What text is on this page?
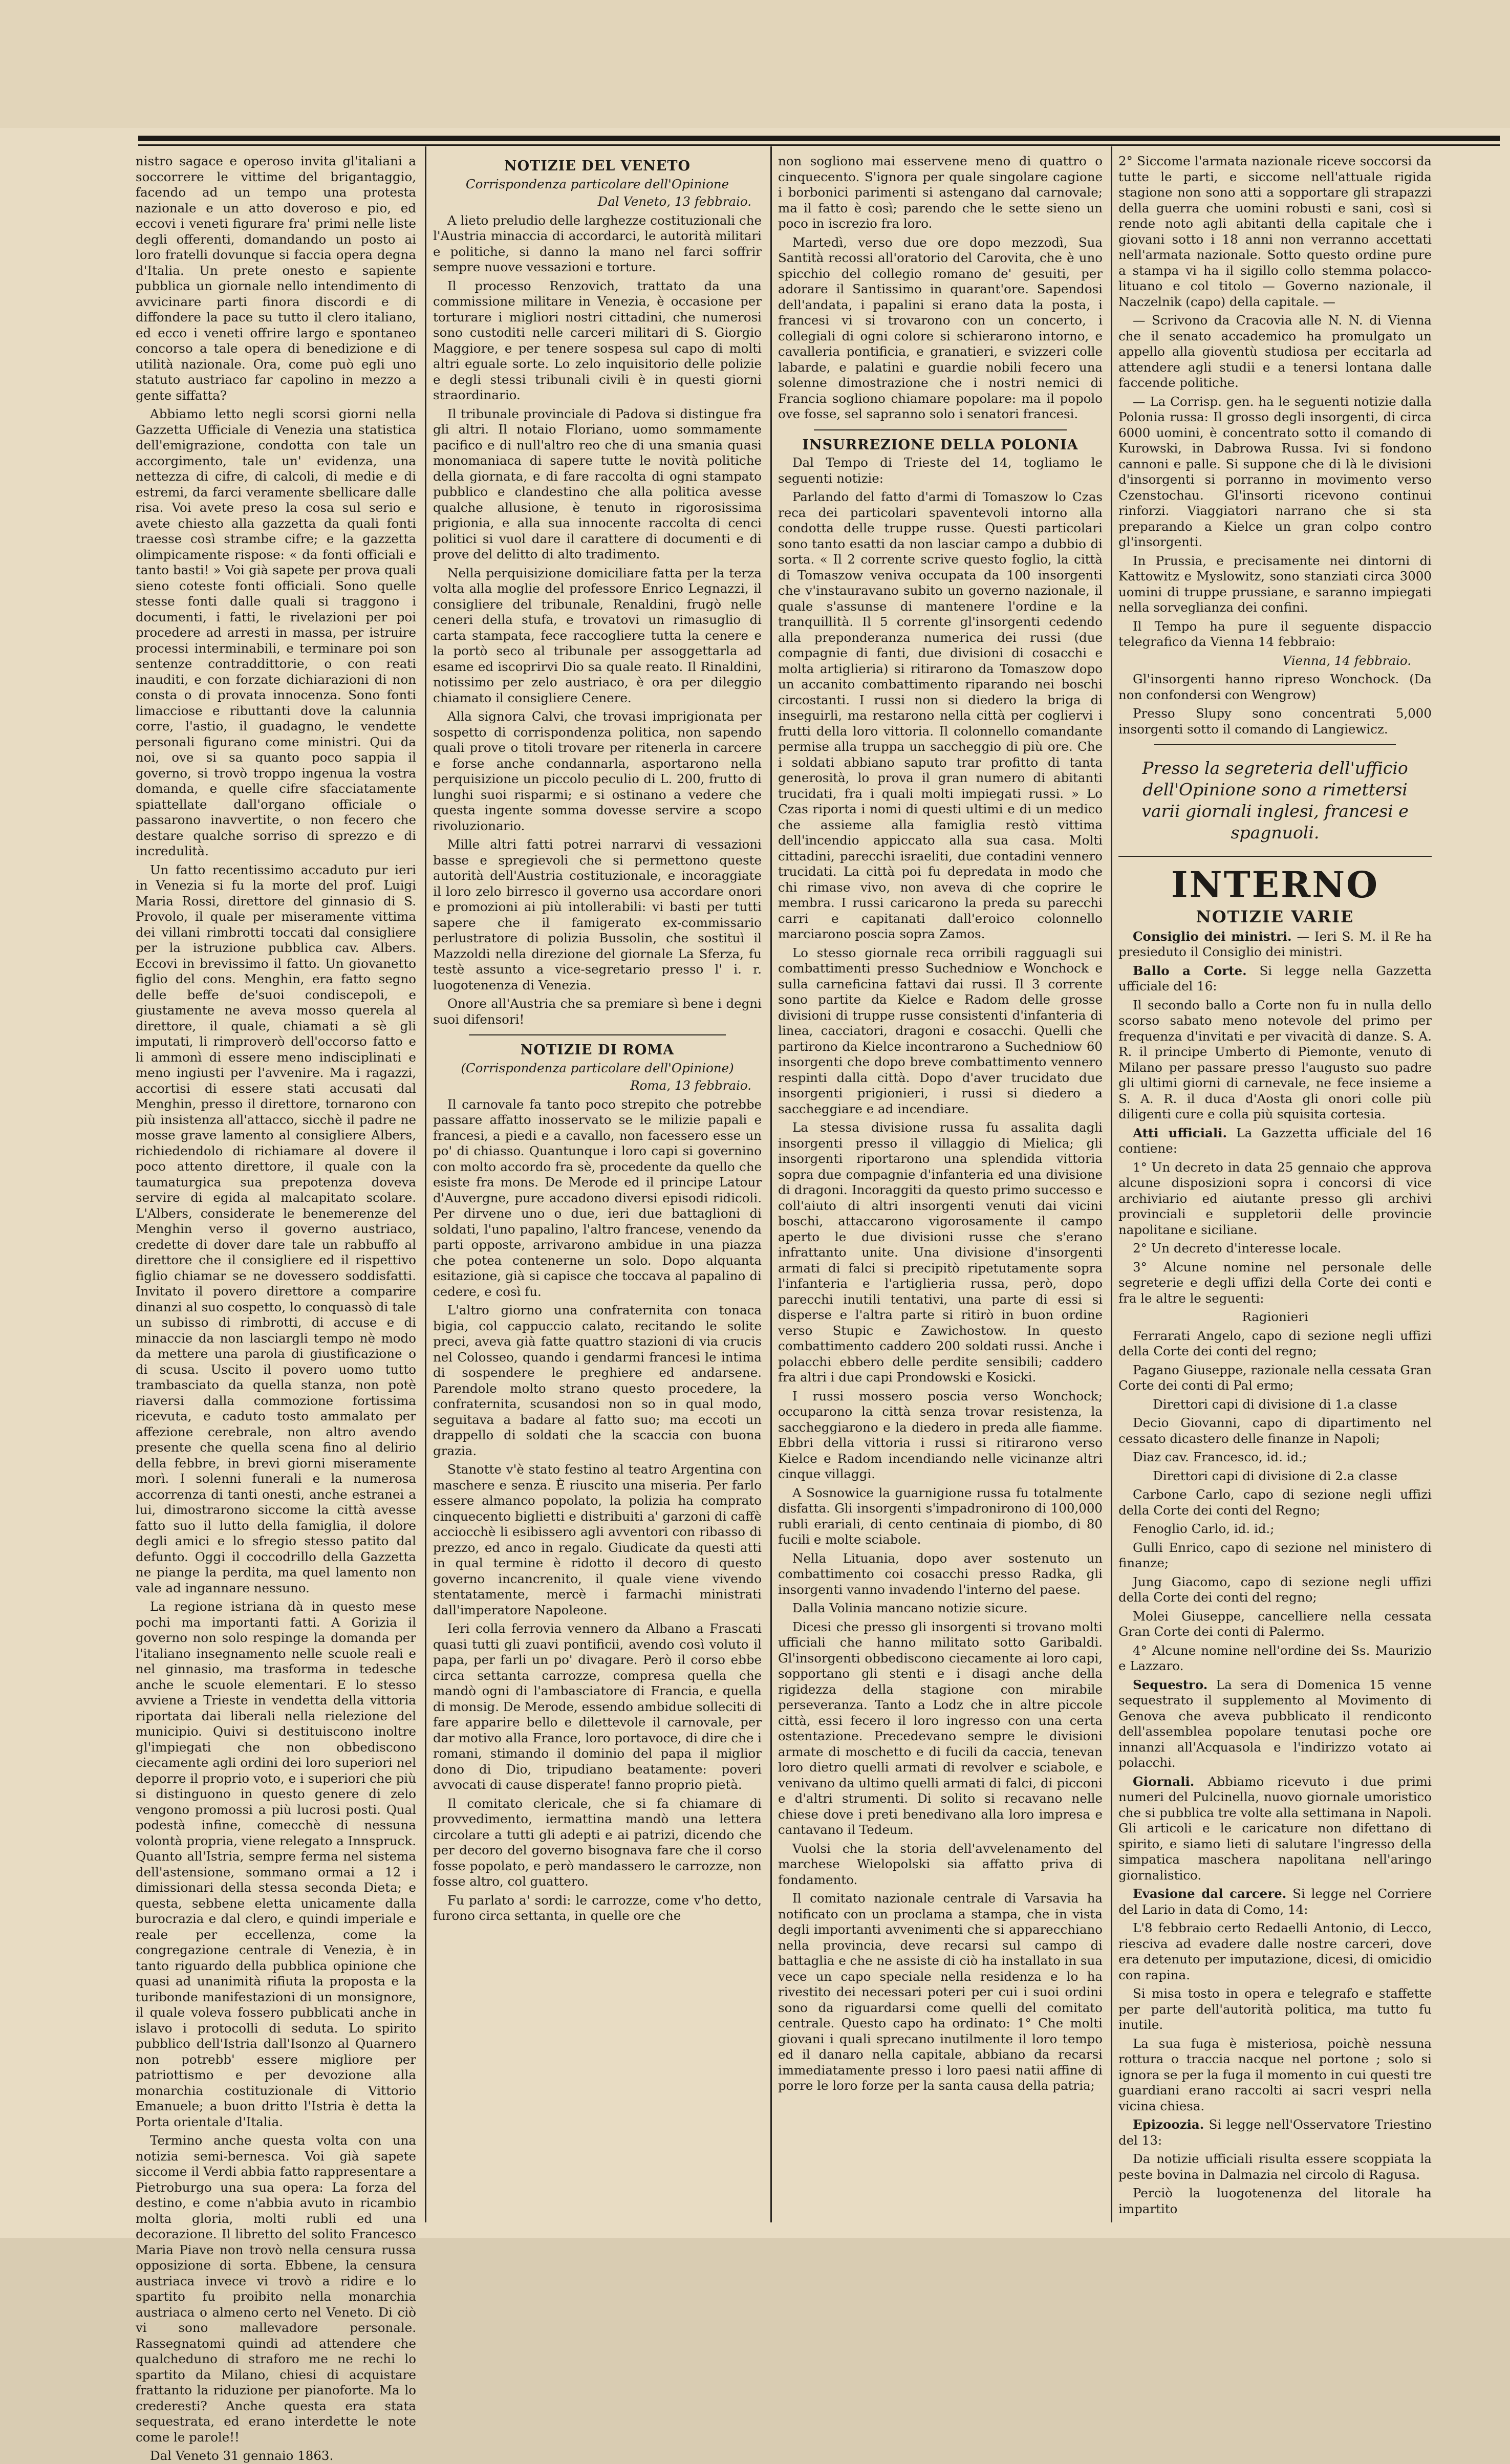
nistro sagace e operoso invita gl'italiani a soccorrere le vittime del brigantaggio, facendo ad un tempo una protesta nazionale e un atto doveroso e pio, ed eccovi i veneti figurare fra' primi nelle liste degli offerenti, domandando un posto ai loro fratelli dovunque si faccia opera degna d'Italia. Un prete onesto e sapiente pubblica un giornale nello intendimento di avvicinare parti finora discordi e di diffondere la pace su tutto il clero italiano, ed ecco i veneti offrire largo e spontaneo concorso a tale opera di benedizione e di utilità nazionale. Ora, come può egli uno statuto austriaco far capolino in mezzo a gente siffatta?

Abbiamo letto negli scorsi giorni nella Gazzetta Ufficiale di Venezia una statistica dell'emigrazione, condotta con tale un accorgimento, tale un' evidenza, una nettezza di cifre, di calcoli, di medie e di estremi, da farci veramente sbellicare dalle risa. Voi avete preso la cosa sul serio e avete chiesto alla gazzetta da quali fonti traesse così strambe cifre; e la gazzetta olimpicamente rispose: « da fonti officiali e tanto basti! » Voi già sapete per prova quali sieno coteste fonti officiali. Sono quelle stesse fonti dalle quali si traggono i documenti, i fatti, le rivelazioni per poi procedere ad arresti in massa, per istruire processi interminabili, e terminare poi son sentenze contraddittorie, o con reati inauditi, e con forzate dichiarazioni di non consta o di provata innocenza. Sono fonti limacciose e ributtanti dove la calunnia corre, l'astio, il guadagno, le vendette personali figurano come ministri. Qui da noi, ove si sa quanto poco sappia il governo, si trovò troppo ingenua la vostra domanda, e quelle cifre sfacciatamente spiattellate dall'organo officiale o passarono inavvertite, o non fecero che destare qualche sorriso di sprezzo e di incredulità.

Un fatto recentissimo accaduto pur ieri in Venezia si fu la morte del prof. Luigi Maria Rossi, direttore del ginnasio di S. Provolo, il quale per miseramente vittima dei villani rimbrotti toccati dal consigliere per la istruzione pubblica cav. Albers. Eccovi in brevissimo il fatto. Un giovanetto figlio del cons. Menghin, era fatto segno delle beffe de'suoi condiscepoli, e giustamente ne aveva mosso querela al direttore, il quale, chiamati a sè gli imputati, li rimproverò dell'occorso fatto e li ammonì di essere meno indisciplinati e meno ingiusti per l'avvenire. Ma i ragazzi, accortisi di essere stati accusati dal Menghin, presso il direttore, tornarono con più insistenza all'attacco, sicchè il padre ne mosse grave lamento al consigliere Albers, richiedendolo di richiamare al dovere il poco attento direttore, il quale con la taumaturgica sua prepotenza doveva servire di egida al malcapitato scolare. L'Albers, considerate le benemerenze del Menghin verso il governo austriaco, credette di dover dare tale un rabbuffo al direttore che il consigliere ed il rispettivo figlio chiamar se ne dovessero soddisfatti. Invitato il povero direttore a comparire dinanzi al suo cospetto, lo conquassò di tale un subisso di rimbrotti, di accuse e di minaccie da non lasciargli tempo nè modo da mettere una parola di giustificazione o di scusa. Uscito il povero uomo tutto trambasciato da quella stanza, non potè riaversi dalla commozione fortissima ricevuta, e caduto tosto ammalato per affezione cerebrale, non altro avendo presente che quella scena fino al delirio della febbre, in brevi giorni miseramente morì. I solenni funerali e la numerosa accorrenza di tanti onesti, anche estranei a lui, dimostrarono siccome la città avesse fatto suo il lutto della famiglia, il dolore degli amici e lo sfregio stesso patito dal defunto. Oggi il coccodrillo della Gazzetta ne piange la perdita, ma quel lamento non vale ad ingannare nessuno.

La regione istriana dà in questo mese pochi ma importanti fatti. A Gorizia il governo non solo respinge la domanda per l'italiano insegnamento nelle scuole reali e nel ginnasio, ma trasforma in tedesche anche le scuole elementari. E lo stesso avviene a Trieste in vendetta della vittoria riportata dai liberali nella rielezione del municipio. Quivi si destituiscono inoltre gl'impiegati che non obbediscono ciecamente agli ordini dei loro superiori nel deporre il proprio voto, e i superiori che più si distinguono in questo genere di zelo vengono promossi a più lucrosi posti. Qual podestà infine, comecchè di nessuna volontà propria, viene relegato a Innspruck. Quanto all'Istria, sempre ferma nel sistema dell'astensione, sommano ormai a 12 i dimissionari della stessa seconda Dieta; e questa, sebbene eletta unicamente dalla burocrazia e dal clero, e quindi imperiale e reale per eccellenza, come la congregazione centrale di Venezia, è in tanto riguardo della pubblica opinione che quasi ad unanimità rifiuta la proposta e la turibonde manifestazioni di un monsignore, il quale voleva fossero pubblicati anche in islavo i protocolli di seduta. Lo spirito pubblico dell'Istria dall'Isonzo al Quarnero non potrebb' essere migliore per patriottismo e per devozione alla monarchia costituzionale di Vittorio Emanuele; a buon dritto l'Istria è detta la Porta orientale d'Italia.

Termino anche questa volta con una notizia semi-bernesca. Voi già sapete siccome il Verdi abbia fatto rappresentare a Pietroburgo una sua opera: La forza del destino, e come n'abbia avuto in ricambio molta gloria, molti rubli ed una decorazione. Il libretto del solito Francesco Maria Piave non trovò nella censura russa opposizione di sorta. Ebbene, la censura austriaca invece vi trovò a ridire e lo spartito fu proibito nella monarchia austriaca o almeno certo nel Veneto. Di ciò vi sono mallevadore personale. Rassegnatomi quindi ad attendere che qualcheduno di straforo me ne rechi lo spartito da Milano, chiesi di acquistare frattanto la riduzione per pianoforte. Ma lo crederesti? Anche questa era stata sequestrata, ed erano interdette le note come le parole!!

Dal Veneto 31 gennaio 1863.

NOTIZIE DEL VENETO

Corrispondenza particolare dell'Opinione

Dal Veneto, 13 febbraio.

A lieto preludio delle larghezze costituzionali che l'Austria minaccia di accordarci, le autorità militari e politiche, si danno la mano nel farci soffrir sempre nuove vessazioni e torture.

Il processo Renzovich, trattato da una commissione militare in Venezia, è occasione per torturare i migliori nostri cittadini, che numerosi sono custoditi nelle carceri militari di S. Giorgio Maggiore, e per tenere sospesa sul capo di molti altri eguale sorte. Lo zelo inquisitorio delle polizie e degli stessi tribunali civili è in questi giorni straordinario.

Il tribunale provinciale di Padova si distingue fra gli altri. Il notaio Floriano, uomo sommamente pacifico e di null'altro reo che di una smania quasi monomaniaca di sapere tutte le novità politiche della giornata, e di fare raccolta di ogni stampato pubblico e clandestino che alla politica avesse qualche allusione, è tenuto in rigorosissima prigionia, e alla sua innocente raccolta di cenci politici si vuol dare il carattere di documenti e di prove del delitto di alto tradimento.

Nella perquisizione domiciliare fatta per la terza volta alla moglie del professore Enrico Legnazzi, il consigliere del tribunale, Renaldini, frugò nelle ceneri della stufa, e trovatovi un rimasuglio di carta stampata, fece raccogliere tutta la cenere e la portò seco al tribunale per assoggettarla ad esame ed iscoprirvi Dio sa quale reato. Il Rinaldini, notissimo per zelo austriaco, è ora per dileggio chiamato il consigliere Cenere.

Alla signora Calvi, che trovasi imprigionata per sospetto di corrispondenza politica, non sapendo quali prove o titoli trovare per ritenerla in carcere e forse anche condannarla, asportarono nella perquisizione un piccolo peculio di L. 200, frutto di lunghi suoi risparmi; e si ostinano a vedere che questa ingente somma dovesse servire a scopo rivoluzionario.

Mille altri fatti potrei narrarvi di vessazioni basse e spregievoli che si permettono queste autorità dell'Austria costituzionale, e incoraggiate il loro zelo birresco il governo usa accordare onori e promozioni ai più intollerabili: vi basti per tutti sapere che il famigerato ex-commissario perlustratore di polizia Bussolin, che sostituì il Mazzoldi nella direzione del giornale La Sferza, fu testè assunto a vice-segretario presso l' i. r. luogotenenza di Venezia.

Onore all'Austria che sa premiare sì bene i degni suoi difensori!

NOTIZIE DI ROMA

(Corrispondenza particolare dell'Opinione)

Roma, 13 febbraio.

Il carnovale fa tanto poco strepito che potrebbe passare affatto inosservato se le milizie papali e francesi, a piedi e a cavallo, non facessero esse un po' di chiasso. Quantunque i loro capi si governino con molto accordo fra sè, procedente da quello che esiste fra mons. De Merode ed il principe Latour d'Auvergne, pure accadono diversi episodi ridicoli. Per dirvene uno o due, ieri due battaglioni di soldati, l'uno papalino, l'altro francese, venendo da parti opposte, arrivarono ambidue in una piazza che potea contenerne un solo. Dopo alquanta esitazione, già si capisce che toccava al papalino di cedere, e così fu.

L'altro giorno una confraternita con tonaca bigia, col cappuccio calato, recitando le solite preci, aveva già fatte quattro stazioni di via crucis nel Colosseo, quando i gendarmi francesi le intima di sospendere le preghiere ed andarsene. Parendole molto strano questo procedere, la confraternita, scusandosi non so in qual modo, seguitava a badare al fatto suo; ma eccoti un drappello di soldati che la scaccia con buona grazia.

Stanotte v'è stato festino al teatro Argentina con maschere e senza. È riuscito una miseria. Per farlo essere almanco popolato, la polizia ha comprato cinquecento biglietti e distribuiti a' garzoni di caffè acciocchè li esibissero agli avventori con ribasso di prezzo, ed anco in regalo. Giudicate da questi atti in qual termine è ridotto il decoro di questo governo incancrenito, il quale viene vivendo stentatamente, mercè i farmachi ministrati dall'imperatore Napoleone.

Ieri colla ferrovia vennero da Albano a Frascati quasi tutti gli zuavi pontificii, avendo così voluto il papa, per farli un po' divagare. Però il corso ebbe circa settanta carrozze, compresa quella che mandò ogni di l'ambasciatore di Francia, e quella di monsig. De Merode, essendo ambidue solleciti di fare apparire bello e dilettevole il carnovale, per dar motivo alla France, loro portavoce, di dire che i romani, stimando il dominio del papa il miglior dono di Dio, tripudiano beatamente: poveri avvocati di cause disperate! fanno proprio pietà.

Il comitato clericale, che si fa chiamare di provvedimento, iermattina mandò una lettera circolare a tutti gli adepti e ai patrizi, dicendo che per decoro del governo bisognava fare che il corso fosse popolato, e però mandassero le carrozze, non fosse altro, col guattero.

Fu parlato a' sordi: le carrozze, come v'ho detto, furono circa settanta, in quelle ore che

non sogliono mai esservene meno di quattro o cinquecento. S'ignora per quale singolare cagione i borbonici parimenti si astengano dal carnovale; ma il fatto è così; parendo che le sette sieno un poco in iscrezio fra loro.

Martedì, verso due ore dopo mezzodì, Sua Santità recossi all'oratorio del Carovita, che è uno spicchio del collegio romano de' gesuiti, per adorare il Santissimo in quarant'ore. Sapendosi dell'andata, i papalini si erano data la posta, i francesi vi si trovarono con un concerto, i collegiali di ogni colore si schierarono intorno, e cavalleria pontificia, e granatieri, e svizzeri colle labarde, e palatini e guardie nobili fecero una solenne dimostrazione che i nostri nemici di Francia sogliono chiamare popolare: ma il popolo ove fosse, sel sapranno solo i senatori francesi.

INSURREZIONE DELLA POLONIA

Dal Tempo di Trieste del 14, togliamo le seguenti notizie:

Parlando del fatto d'armi di Tomaszow lo Czas reca dei particolari spaventevoli intorno alla condotta delle truppe russe. Questi particolari sono tanto esatti da non lasciar campo a dubbio di sorta. « Il 2 corrente scrive questo foglio, la città di Tomaszow veniva occupata da 100 insorgenti che v'instauravano subito un governo nazionale, il quale s'assunse di mantenere l'ordine e la tranquillità. Il 5 corrente gl'insorgenti cedendo alla preponderanza numerica dei russi (due compagnie di fanti, due divisioni di cosacchi e molta artiglieria) si ritirarono da Tomaszow dopo un accanito combattimento riparando nei boschi circostanti. I russi non si diedero la briga di inseguirli, ma restarono nella città per cogliervi i frutti della loro vittoria. Il colonnello comandante permise alla truppa un saccheggio di più ore. Che i soldati abbiano saputo trar profitto di tanta generosità, lo prova il gran numero di abitanti trucidati, fra i quali molti impiegati russi. » Lo Czas riporta i nomi di questi ultimi e di un medico che assieme alla famiglia restò vittima dell'incendio appiccato alla sua casa. Molti cittadini, parecchi israeliti, due contadini vennero trucidati. La città poi fu depredata in modo che chi rimase vivo, non aveva di che coprire le membra. I russi caricarono la preda su parecchi carri e capitanati dall'eroico colonnello marciarono poscia sopra Zamos.

Lo stesso giornale reca orribili ragguagli sui combattimenti presso Suchedniow e Wonchock e sulla carneficina fattavi dai russi. Il 3 corrente sono partite da Kielce e Radom delle grosse divisioni di truppe russe consistenti d'infanteria di linea, cacciatori, dragoni e cosacchi. Quelli che partirono da Kielce incontrarono a Suchedniow 60 insorgenti che dopo breve combattimento vennero respinti dalla città. Dopo d'aver trucidato due insorgenti prigionieri, i russi si diedero a saccheggiare e ad incendiare.

La stessa divisione russa fu assalita dagli insorgenti presso il villaggio di Mielica; gli insorgenti riportarono una splendida vittoria sopra due compagnie d'infanteria ed una divisione di dragoni. Incoraggiti da questo primo successo e coll'aiuto di altri insorgenti venuti dai vicini boschi, attaccarono vigorosamente il campo aperto le due divisioni russe che s'erano infrattanto unite. Una divisione d'insorgenti armati di falci si precipitò ripetutamente sopra l'infanteria e l'artiglieria russa, però, dopo parecchi inutili tentativi, una parte di essi si disperse e l'altra parte si ritirò in buon ordine verso Stupic e Zawichostow. In questo combattimento caddero 200 soldati russi. Anche i polacchi ebbero delle perdite sensibili; caddero fra altri i due capi Prondowski e Kosicki.

I russi mossero poscia verso Wonchock; occuparono la città senza trovar resistenza, la saccheggiarono e la diedero in preda alle fiamme. Ebbri della vittoria i russi si ritirarono verso Kielce e Radom incendiando nelle vicinanze altri cinque villaggi.

A Sosnowice la guarnigione russa fu totalmente disfatta. Gli insorgenti s'impadronirono di 100,000 rubli erariali, di cento centinaia di piombo, di 80 fucili e molte sciabole.

Nella Lituania, dopo aver sostenuto un combattimento coi cosacchi presso Radka, gli insorgenti vanno invadendo l'interno del paese.

Dalla Volinia mancano notizie sicure.

Dicesi che presso gli insorgenti si trovano molti ufficiali che hanno militato sotto Garibaldi. Gl'insorgenti obbediscono ciecamente ai loro capi, sopportano gli stenti e i disagi anche della rigidezza della stagione con mirabile perseveranza. Tanto a Lodz che in altre piccole città, essi fecero il loro ingresso con una certa ostentazione. Precedevano sempre le divisioni armate di moschetto e di fucili da caccia, tenevan loro dietro quelli armati di revolver e sciabole, e venivano da ultimo quelli armati di falci, di picconi e d'altri strumenti. Di solito si recavano nelle chiese dove i preti benedivano alla loro impresa e cantavano il Tedeum.

Vuolsi che la storia dell'avvelenamento del marchese Wielopolski sia affatto priva di fondamento.

Il comitato nazionale centrale di Varsavia ha notificato con un proclama a stampa, che in vista degli importanti avvenimenti che si apparecchiano nella provincia, deve recarsi sul campo di battaglia e che ne assiste di ciò ha installato in sua vece un capo speciale nella residenza e lo ha rivestito dei necessari poteri per cui i suoi ordini sono da riguardarsi come quelli del comitato centrale. Questo capo ha ordinato: 1° Che molti giovani i quali sprecano inutilmente il loro tempo ed il danaro nella capitale, abbiano da recarsi immediatamente presso i loro paesi natii affine di porre le loro forze per la santa causa della patria;

2° Siccome l'armata nazionale riceve soccorsi da tutte le parti, e siccome nell'attuale rigida stagione non sono atti a sopportare gli strapazzi della guerra che uomini robusti e sani, così si rende noto agli abitanti della capitale che i giovani sotto i 18 anni non verranno accettati nell'armata nazionale. Sotto questo ordine pure a stampa vi ha il sigillo collo stemma polacco-lituano e col titolo — Governo nazionale, il Naczelnik (capo) della capitale. —

— Scrivono da Cracovia alle N. N. di Vienna che il senato accademico ha promulgato un appello alla gioventù studiosa per eccitarla ad attendere agli studii e a tenersi lontana dalle faccende politiche.

— La Corrisp. gen. ha le seguenti notizie dalla Polonia russa: Il grosso degli insorgenti, di circa 6000 uomini, è concentrato sotto il comando di Kurowski, in Dabrowa Russa. Ivi si fondono cannoni e palle. Si suppone che di là le divisioni d'insorgenti si porranno in movimento verso Czenstochau. Gl'insorti ricevono continui rinforzi. Viaggiatori narrano che si sta preparando a Kielce un gran colpo contro gl'insorgenti.

In Prussia, e precisamente nei dintorni di Kattowitz e Myslowitz, sono stanziati circa 3000 uomini di truppe prussiane, e saranno impiegati nella sorveglianza dei confini.

Il Tempo ha pure il seguente dispaccio telegrafico da Vienna 14 febbraio:

Vienna, 14 febbraio.

Gl'insorgenti hanno ripreso Wonchock. (Da non confondersi con Wengrow)

Presso Slupy sono concentrati 5,000 insorgenti sotto il comando di Langiewicz.

Presso la segreteria dell'ufficio dell'Opinione sono a rimettersi varii giornali inglesi, francesi e spagnuoli.

INTERNO

NOTIZIE VARIE

Consiglio dei ministri. — Ieri S. M. il Re ha presieduto il Consiglio dei ministri.

Ballo a Corte. Si legge nella Gazzetta ufficiale del 16:

Il secondo ballo a Corte non fu in nulla dello scorso sabato meno notevole del primo per frequenza d'invitati e per vivacità di danze. S. A. R. il principe Umberto di Piemonte, venuto di Milano per passare presso l'augusto suo padre gli ultimi giorni di carnevale, ne fece insieme a S. A. R. il duca d'Aosta gli onori colle più diligenti cure e colla più squisita cortesia.

Atti ufficiali. La Gazzetta ufficiale del 16 contiene:

1° Un decreto in data 25 gennaio che approva alcune disposizioni sopra i concorsi di vice archiviario ed aiutante presso gli archivi provinciali e suppletorii delle provincie napolitane e siciliane.

2° Un decreto d'interesse locale.

3° Alcune nomine nel personale delle segreterie e degli uffizi della Corte dei conti e fra le altre le seguenti:

Ragionieri

Ferrarati Angelo, capo di sezione negli uffizi della Corte dei conti del regno;

Pagano Giuseppe, razionale nella cessata Gran Corte dei conti di Pal ermo;

Direttori capi di divisione di 1.a classe

Decio Giovanni, capo di dipartimento nel cessato dicastero delle finanze in Napoli;

Diaz cav. Francesco, id. id.;

Direttori capi di divisione di 2.a classe

Carbone Carlo, capo di sezione negli uffizi della Corte dei conti del Regno;

Fenoglio Carlo, id. id.;

Gulli Enrico, capo di sezione nel ministero di finanze;

Jung Giacomo, capo di sezione negli uffizi della Corte dei conti del regno;

Molei Giuseppe, cancelliere nella cessata Gran Corte dei conti di Palermo.

4° Alcune nomine nell'ordine dei Ss. Maurizio e Lazzaro.

Sequestro. La sera di Domenica 15 venne sequestrato il supplemento al Movimento di Genova che aveva pubblicato il rendiconto dell'assemblea popolare tenutasi poche ore innanzi all'Acquasola e l'indirizzo votato ai polacchi.

Giornali. Abbiamo ricevuto i due primi numeri del Pulcinella, nuovo giornale umoristico che si pubblica tre volte alla settimana in Napoli. Gli articoli e le caricature non difettano di spirito, e siamo lieti di salutare l'ingresso della simpatica maschera napolitana nell'aringo giornalistico.

Evasione dal carcere. Si legge nel Corriere del Lario in data di Como, 14:

L'8 febbraio certo Redaelli Antonio, di Lecco, riesciva ad evadere dalle nostre carceri, dove era detenuto per imputazione, dicesi, di omicidio con rapina.

Si misa tosto in opera e telegrafo e staffette per parte dell'autorità politica, ma tutto fu inutile.

La sua fuga è misteriosa, poichè nessuna rottura o traccia nacque nel portone ; solo si ignora se per la fuga il momento in cui questi tre guardiani erano raccolti ai sacri vespri nella vicina chiesa.

Epizoozia. Si legge nell'Osservatore Triestino del 13:

Da notizie ufficiali risulta essere scoppiata la peste bovina in Dalmazia nel circolo di Ragusa.

Perciò la luogotenenza del litorale ha impartito
